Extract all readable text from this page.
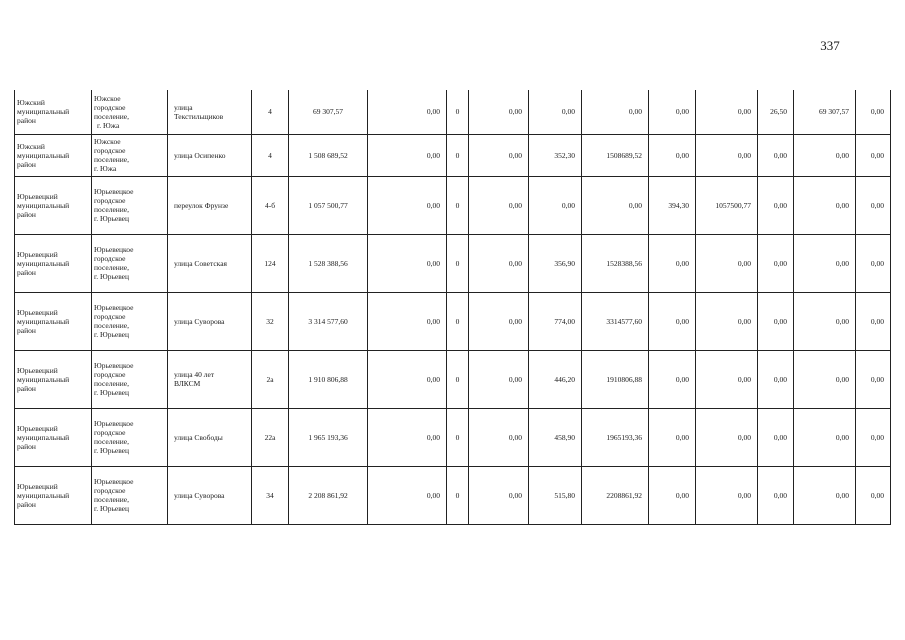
337
Южский
муниципальный
район	Южское
городское
поселение,
г. Южа	улица
Текстильщиков	4	69 307,57	0,00	0	0,00	0,00	0,00	0,00	0,00	26,50	69 307,57	0,00

Южский
муниципальный
район	Южское
городское
поселение,
г. Южа	улица Осипенко	4	1 508 689,52	0,00	0	0,00	352,30	1508689,52	0,00	0,00	0,00	0,00	0,00

Юрьевецкий
муниципальный
район	Юрьевецкое
городское
поселение,
г. Юрьевец	переулок Фрунзе	4-б	1 057 500,77	0,00	0	0,00	0,00	0,00	394,30	1057500,77	0,00	0,00	0,00

Юрьевецкий
муниципальный
район	Юрьевецкое
городское
поселение,
г. Юрьевец	улица Советская	124	1 528 388,56	0,00	0	0,00	356,90	1528388,56	0,00	0,00	0,00	0,00	0,00

Юрьевецкий
муниципальный
район	Юрьевецкое
городское
поселение,
г. Юрьевец	улица Суворова	32	3 314 577,60	0,00	0	0,00	774,00	3314577,60	0,00	0,00	0,00	0,00	0,00

Юрьевецкий
муниципальный
район	Юрьевецкое
городское
поселение,
г. Юрьевец	улица 40 лет
ВЛКСМ	2а	1 910 806,88	0,00	0	0,00	446,20	1910806,88	0,00	0,00	0,00	0,00	0,00

Юрьевецкий
муниципальный
район	Юрьевецкое
городское
поселение,
г. Юрьевец	улица Свободы	22а	1 965 193,36	0,00	0	0,00	458,90	1965193,36	0,00	0,00	0,00	0,00	0,00

Юрьевецкий
муниципальный
район	Юрьевецкое
городское
поселение,
г. Юрьевец	улица Суворова	34	2 208 861,92	0,00	0	0,00	515,80	2208861,92	0,00	0,00	0,00	0,00	0,00
